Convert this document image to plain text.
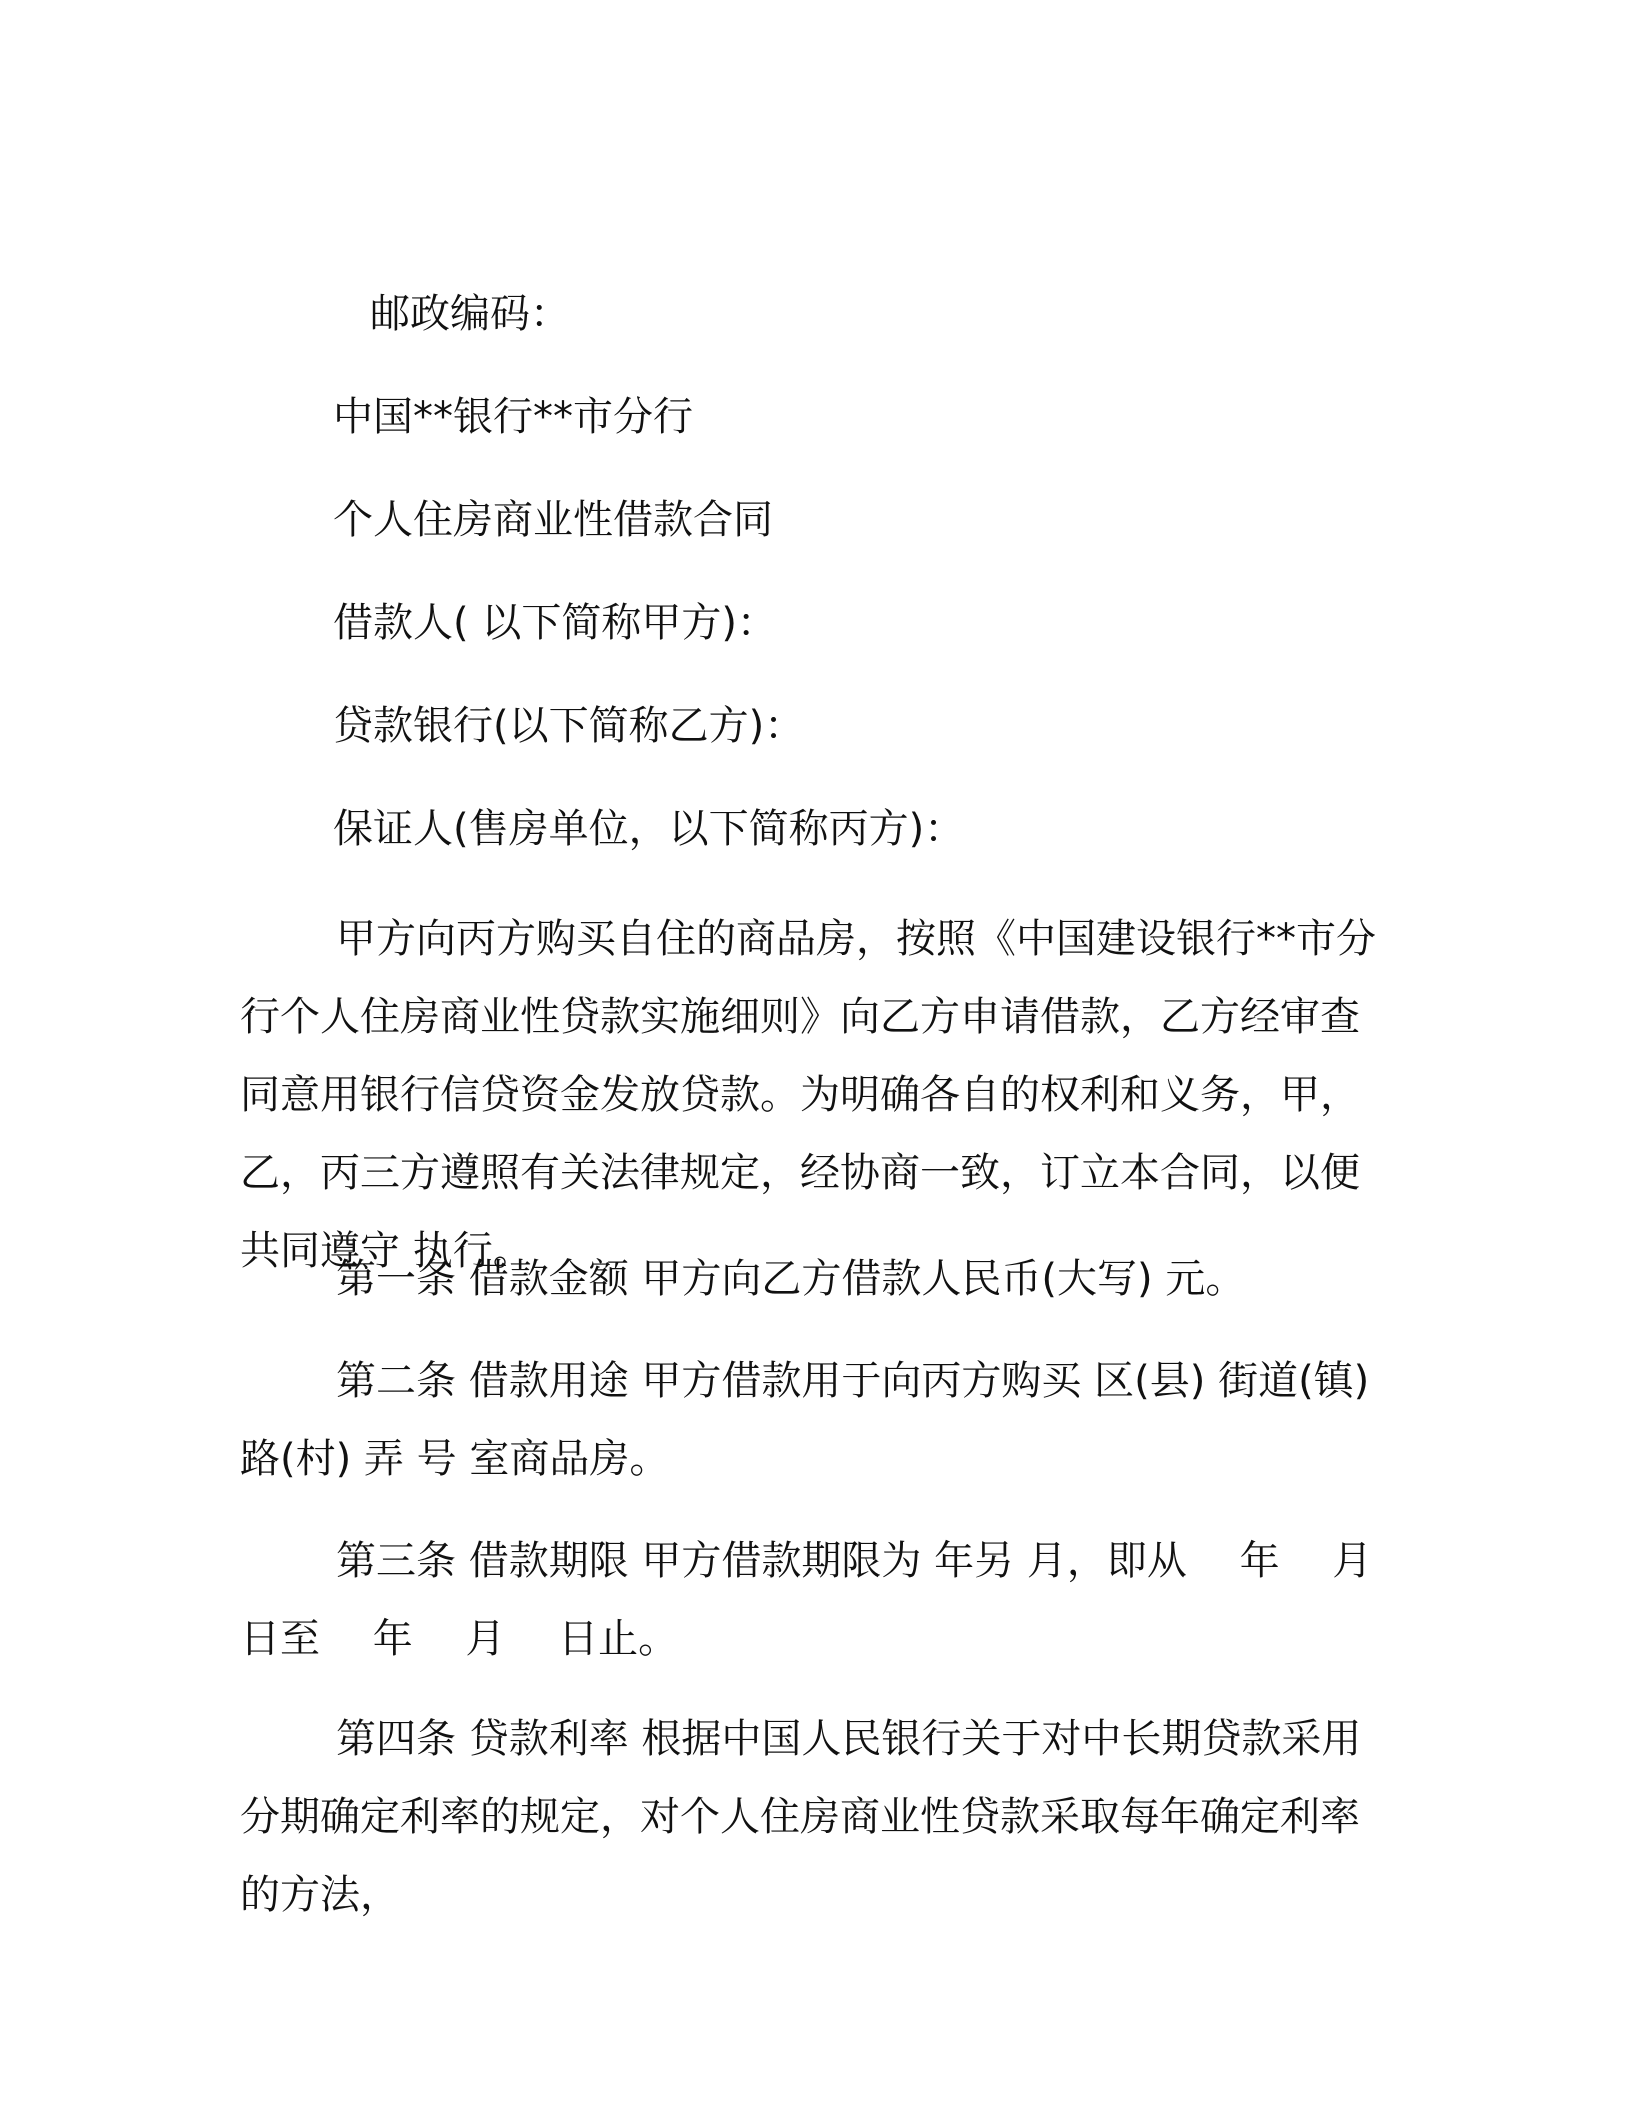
邮政编码：
中国**银行**市分行
个人住房商业性借款合同
借款人( 以下简称甲方)：
贷款银行(以下简称乙方)：
保证人(售房单位，以下简称丙方)：

甲方向丙方购买自住的商品房，按照《中国建设银行**市分行个人住房商业性贷款实施细则》向乙方申请借款，乙方经审查同意用银行信贷资金发放贷款。为明确各自的权利和义务，甲，乙，丙三方遵照有关法律规定，经协商一致，订立本合同，以便共同遵守 执行。

第一条 借款金额 甲方向乙方借款人民币(大写) 元。

第二条 借款用途 甲方借款用于向丙方购买 区(县) 街道(镇) 路(村) 弄 号 室商品房。

第三条 借款期限 甲方借款期限为 年另 月，即从　 年　 月　 日至　 年　 月　 日止。

第四条 贷款利率 根据中国人民银行关于对中长期贷款采用分期确定利率的规定，对个人住房商业性贷款采取每年确定利率的方法，
